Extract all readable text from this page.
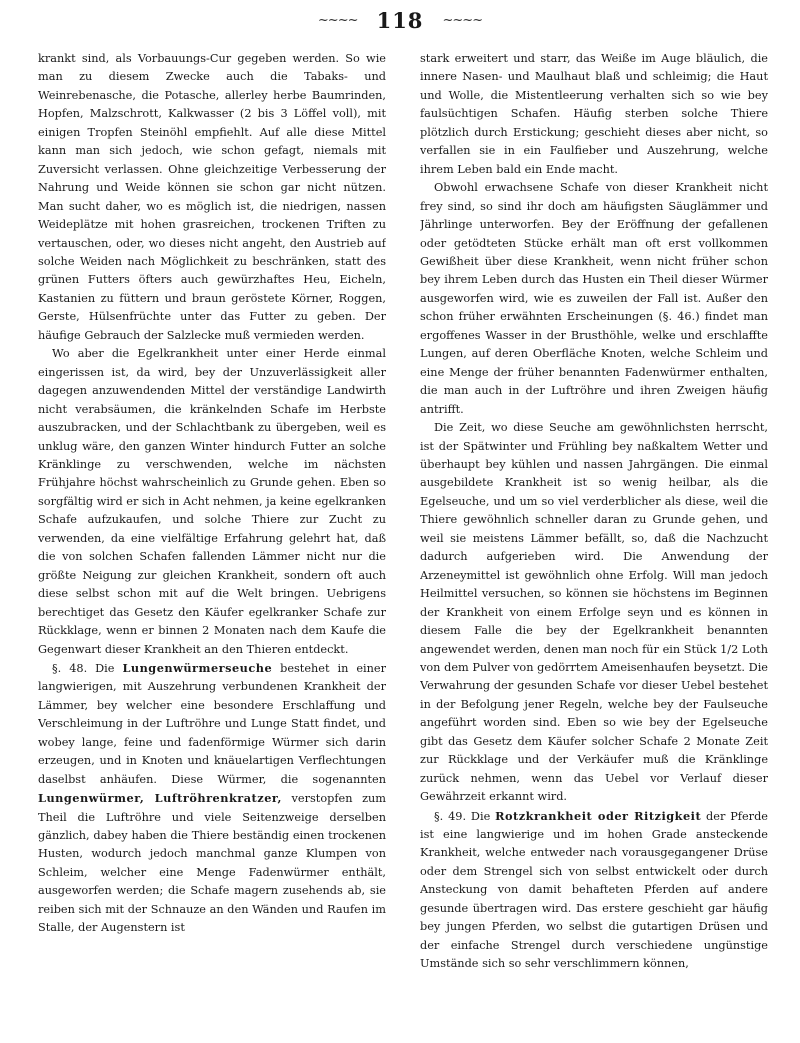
~~~~ 118 ~~~~

krankt sind, als Vorbauungs-Cur gegeben werden. So wie man zu diesem Zwecke auch die Tabaks- und Weinrebenasche, die Potasche, allerley herbe Baumrinden, Hopfen, Malzschrott, Kalkwasser (2 bis 3 Löffel voll), mit einigen Tropfen Steinöhl empfiehlt. Auf alle diese Mittel kann man sich jedoch, wie schon gefagt, niemals mit Zuversicht verlassen. Ohne gleichzeitige Verbesserung der Nahrung und Weide können sie schon gar nicht nützen. Man sucht daher, wo es möglich ist, die niedrigen, nassen Weideplätze mit hohen grasreichen, trockenen Triften zu vertauschen, oder, wo dieses nicht angeht, den Austrieb auf solche Weiden nach Möglichkeit zu beschränken, statt des grünen Futters öfters auch gewürzhaftes Heu, Eicheln, Kastanien zu füttern und braun geröstete Körner, Roggen, Gerste, Hülsenfrüchte unter das Futter zu geben. Der häufige Gebrauch der Salzlecke muß vermieden werden.

Wo aber die Egelkrankheit unter einer Herde einmal eingerissen ist, da wird, bey der Unzuverlässigkeit aller dagegen anzuwendenden Mittel der verständige Landwirth nicht verabsäumen, die kränkelnden Schafe im Herbste auszubracken, und der Schlachtbank zu übergeben, weil es unklug wäre, den ganzen Winter hindurch Futter an solche Kränklinge zu verschwenden, welche im nächsten Frühjahre höchst wahrscheinlich zu Grunde gehen. Eben so sorgfältig wird er sich in Acht nehmen, ja keine egelkranken Schafe aufzukaufen, und solche Thiere zur Zucht zu verwenden, da eine vielfältige Erfahrung gelehrt hat, daß die von solchen Schafen fallenden Lämmer nicht nur die größte Neigung zur gleichen Krankheit, sondern oft auch diese selbst schon mit auf die Welt bringen. Uebrigens berechtiget das Gesetz den Käufer egelkranker Schafe zur Rückklage, wenn er binnen 2 Monaten nach dem Kaufe die Gegenwart dieser Krankheit an den Thieren entdeckt.

§. 48. Die Lungenwürmerseuche bestehet in einer langwierigen, mit Auszehrung verbundenen Krankheit der Lämmer, bey welcher eine besondere Erschlaffung und Verschleimung in der Luftröhre und Lunge Statt findet, und wobey lange, feine und fadenförmige Würmer sich darin erzeugen, und in Knoten und knäuelartigen Verflechtungen daselbst anhäufen. Diese Würmer, die sogenannten Lungenwürmer, Luftröhrenkratzer, verstopfen zum Theil die Luftröhre und viele Seitenzweige derselben gänzlich, dabey haben die Thiere beständig einen trockenen Husten, wodurch jedoch manchmal ganze Klumpen von Schleim, welcher eine Menge Fadenwürmer enthält, ausgeworfen werden; die Schafe magern zusehends ab, sie reiben sich mit der Schnauze an den Wänden und Raufen im Stalle, der Augenstern ist

stark erweitert und starr, das Weiße im Auge bläulich, die innere Nasen- und Maulhaut blaß und schleimig; die Haut und Wolle, die Mistentleerung verhalten sich so wie bey faulsüchtigen Schafen. Häufig sterben solche Thiere plötzlich durch Erstickung; geschieht dieses aber nicht, so verfallen sie in ein Faulfieber und Auszehrung, welche ihrem Leben bald ein Ende macht.

Obwohl erwachsene Schafe von dieser Krankheit nicht frey sind, so sind ihr doch am häufigsten Säuglämmer und Jährlinge unterworfen. Bey der Eröffnung der gefallenen oder getödteten Stücke erhält man oft erst vollkommen Gewißheit über diese Krankheit, wenn nicht früher schon bey ihrem Leben durch das Husten ein Theil dieser Würmer ausgeworfen wird, wie es zuweilen der Fall ist. Außer den schon früher erwähnten Erscheinungen (§. 46.) findet man ergoffenes Wasser in der Brusthöhle, welke und erschlaffte Lungen, auf deren Oberfläche Knoten, welche Schleim und eine Menge der früher benannten Fadenwürmer enthalten, die man auch in der Luftröhre und ihren Zweigen häufig antrifft.

Die Zeit, wo diese Seuche am gewöhnlichsten herrscht, ist der Spätwinter und Frühling bey naßkaltem Wetter und überhaupt bey kühlen und nassen Jahrgängen. Die einmal ausgebildete Krankheit ist so wenig heilbar, als die Egelseuche, und um so viel verderblicher als diese, weil die Thiere gewöhnlich schneller daran zu Grunde gehen, und weil sie meistens Lämmer befällt, so, daß die Nachzucht dadurch aufgerieben wird. Die Anwendung der Arzeneymittel ist gewöhnlich ohne Erfolg. Will man jedoch Heilmittel versuchen, so können sie höchstens im Beginnen der Krankheit von einem Erfolge seyn und es können in diesem Falle die bey der Egelkrankheit benannten angewendet werden, denen man noch für ein Stück 1/2 Loth von dem Pulver von gedörrtem Ameisenhaufen beysetzt. Die Verwahrung der gesunden Schafe vor dieser Uebel bestehet in der Befolgung jener Regeln, welche bey der Faulseuche angeführt worden sind. Eben so wie bey der Egelseuche gibt das Gesetz dem Käufer solcher Schafe 2 Monate Zeit zur Rückklage und der Verkäufer muß die Kränklinge zurück nehmen, wenn das Uebel vor Verlauf dieser Gewährzeit erkannt wird.

§. 49. Die Rotzkrankheit oder Ritzigkeit der Pferde ist eine langwierige und im hohen Grade ansteckende Krankheit, welche entweder nach vorausgegangener Drüse oder dem Strengel sich von selbst entwickelt oder durch Ansteckung von damit behafteten Pferden auf andere gesunde übertragen wird. Das erstere geschieht gar häufig bey jungen Pferden, wo selbst die gutartigen Drüsen und der einfache Strengel durch verschiedene ungünstige Umstände sich so sehr verschlimmern können,
